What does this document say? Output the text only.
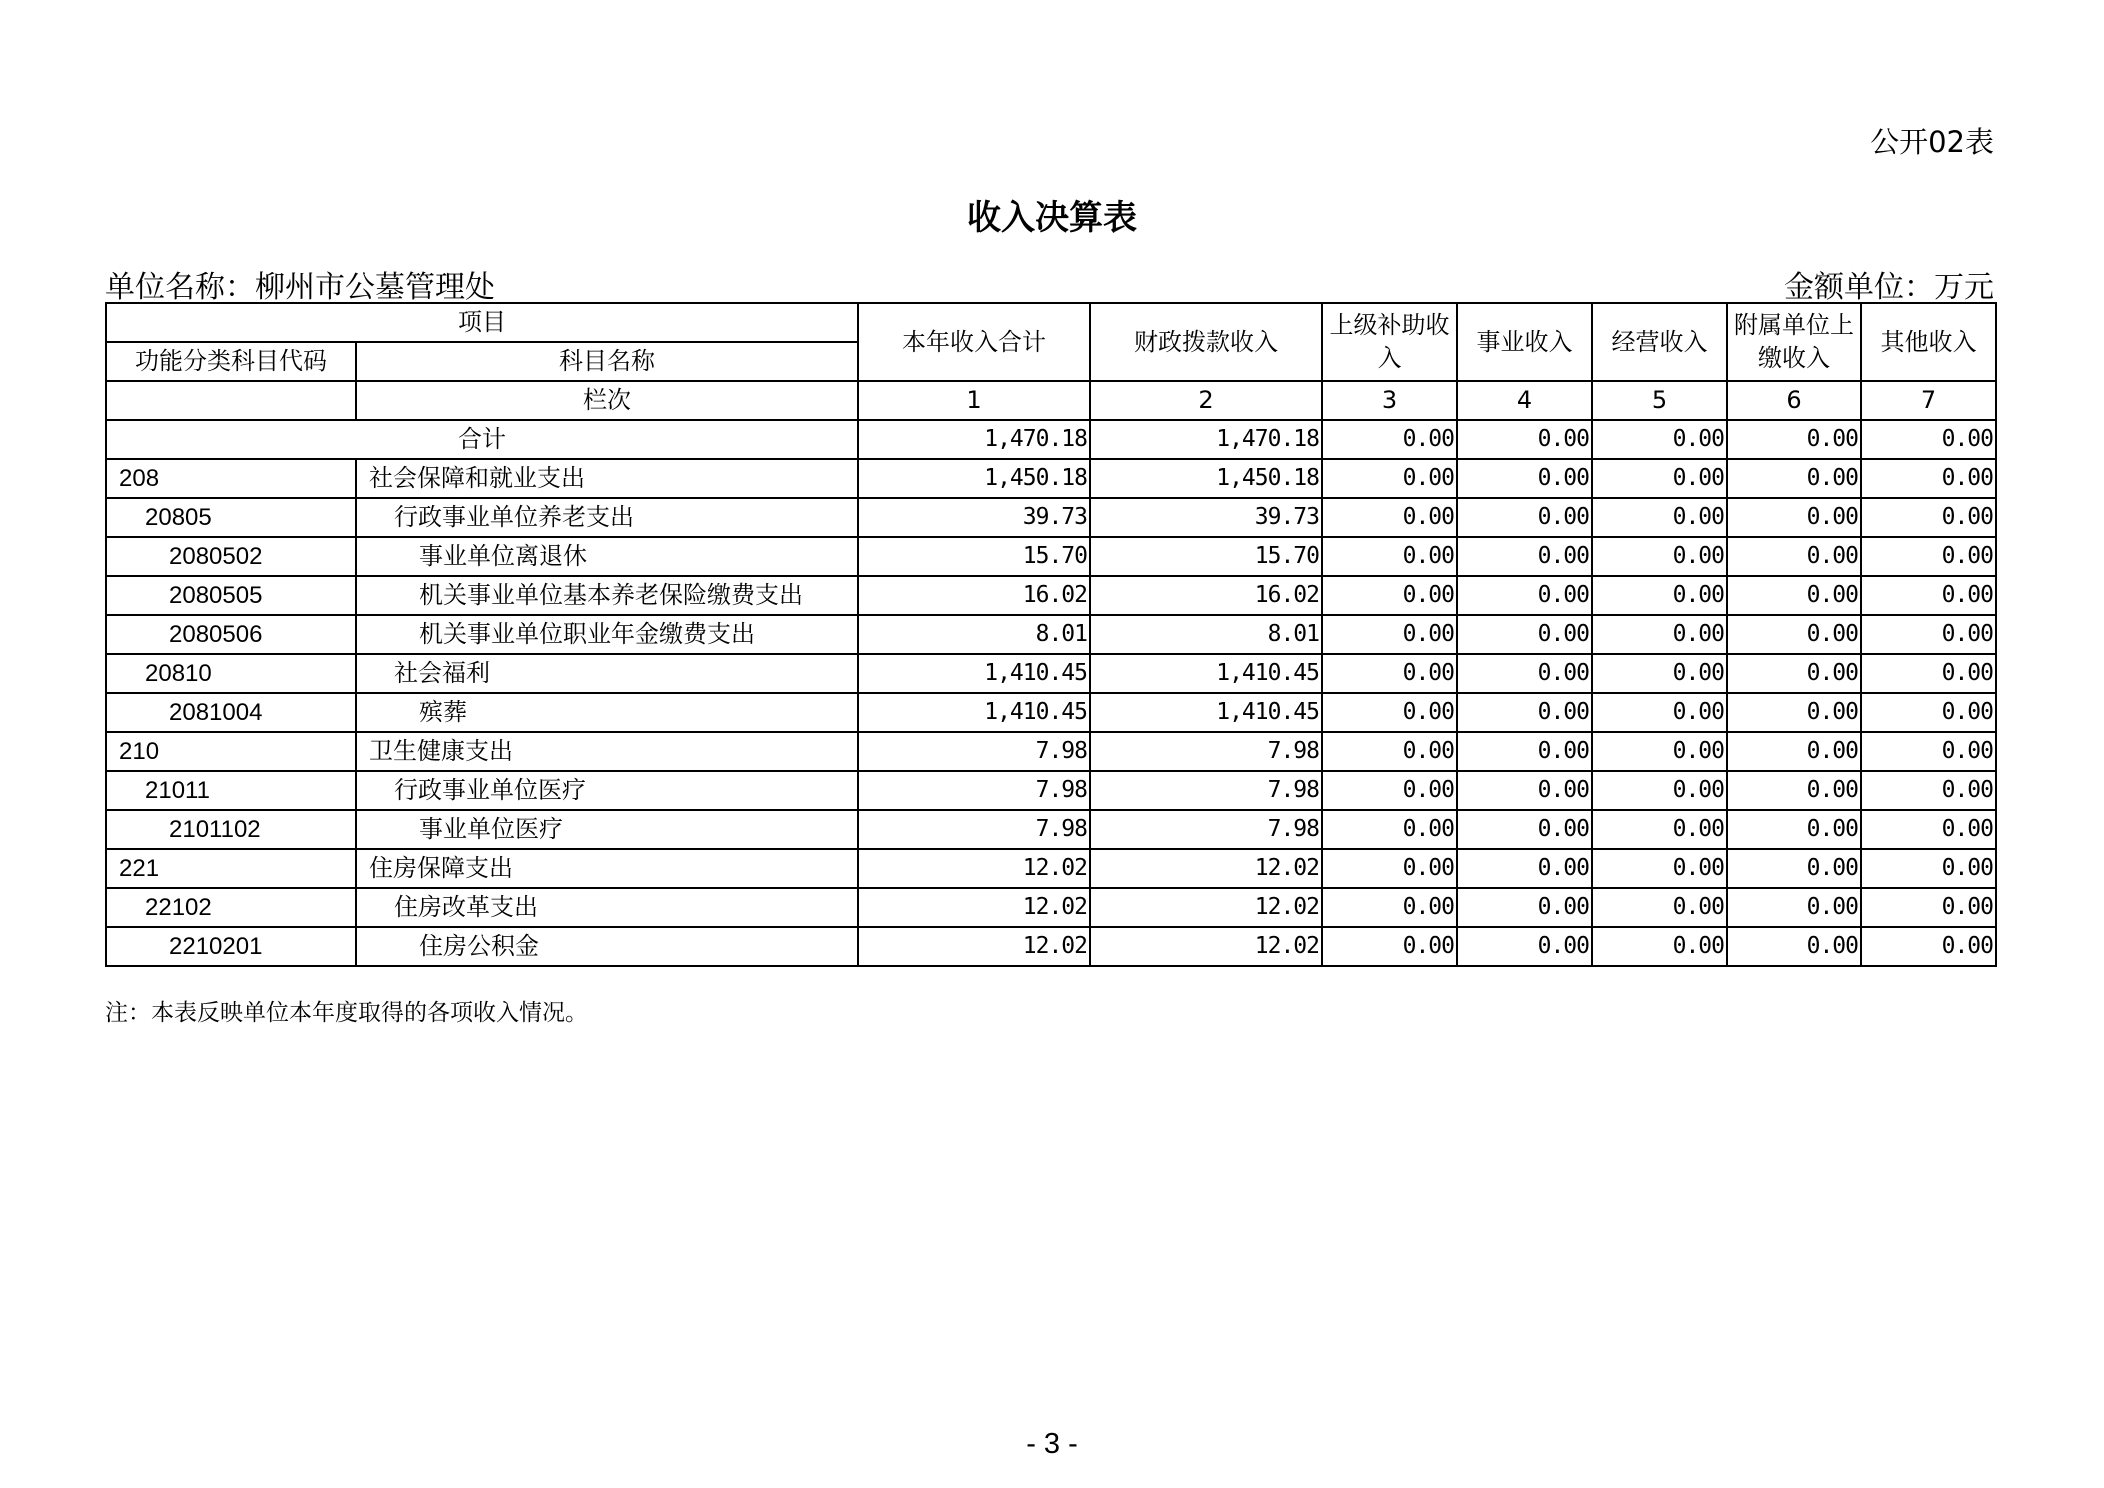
公开02表
收入决算表
单位名称：柳州市公墓管理处	金额单位：万元
项目		本年收入合计	财政拨款收入	上级补助收入	事业收入	经营收入	附属单位上缴收入	其他收入
功能分类科目代码	科目名称							
	栏次	1	2	3	4	5	6	7
合计		1,470.18	1,470.18	0.00	0.00	0.00	0.00	0.00
208	社会保障和就业支出	1,450.18	1,450.18	0.00	0.00	0.00	0.00	0.00
20805	行政事业单位养老支出	39.73	39.73	0.00	0.00	0.00	0.00	0.00
2080502	事业单位离退休	15.70	15.70	0.00	0.00	0.00	0.00	0.00
2080505	机关事业单位基本养老保险缴费支出	16.02	16.02	0.00	0.00	0.00	0.00	0.00
2080506	机关事业单位职业年金缴费支出	8.01	8.01	0.00	0.00	0.00	0.00	0.00
20810	社会福利	1,410.45	1,410.45	0.00	0.00	0.00	0.00	0.00
2081004	殡葬	1,410.45	1,410.45	0.00	0.00	0.00	0.00	0.00
210	卫生健康支出	7.98	7.98	0.00	0.00	0.00	0.00	0.00
21011	行政事业单位医疗	7.98	7.98	0.00	0.00	0.00	0.00	0.00
2101102	事业单位医疗	7.98	7.98	0.00	0.00	0.00	0.00	0.00
221	住房保障支出	12.02	12.02	0.00	0.00	0.00	0.00	0.00
22102	住房改革支出	12.02	12.02	0.00	0.00	0.00	0.00	0.00
2210201	住房公积金	12.02	12.02	0.00	0.00	0.00	0.00	0.00
注：本表反映单位本年度取得的各项收入情况。
- 3 -
